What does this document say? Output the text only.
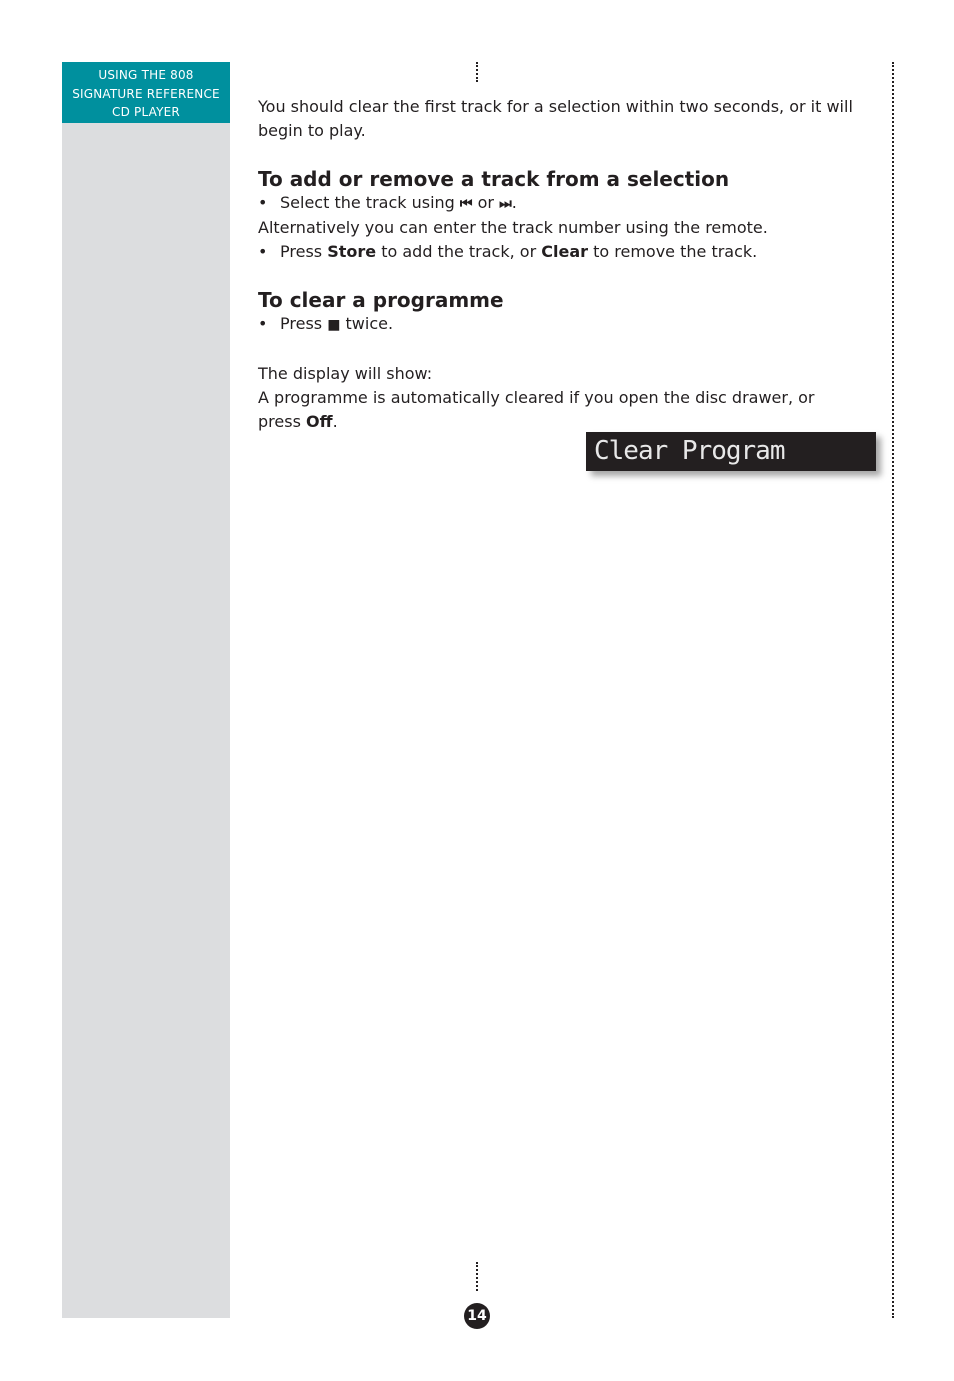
USING THE 808
SIGNATURE REFERENCE
CD PLAYER	You should clear the first track for a selection within two seconds, or it will begin to play.

To add or remove a track from a selection

• Select the track using ⏮ or ⏭.

Alternatively you can enter the track number using the remote.

• Press Store to add the track, or Clear to remove the track.

To clear a programme

• Press ■ twice.

The display will show:

A programme is automatically cleared if you open the disc drawer, or press Off.

Clear Program
14
